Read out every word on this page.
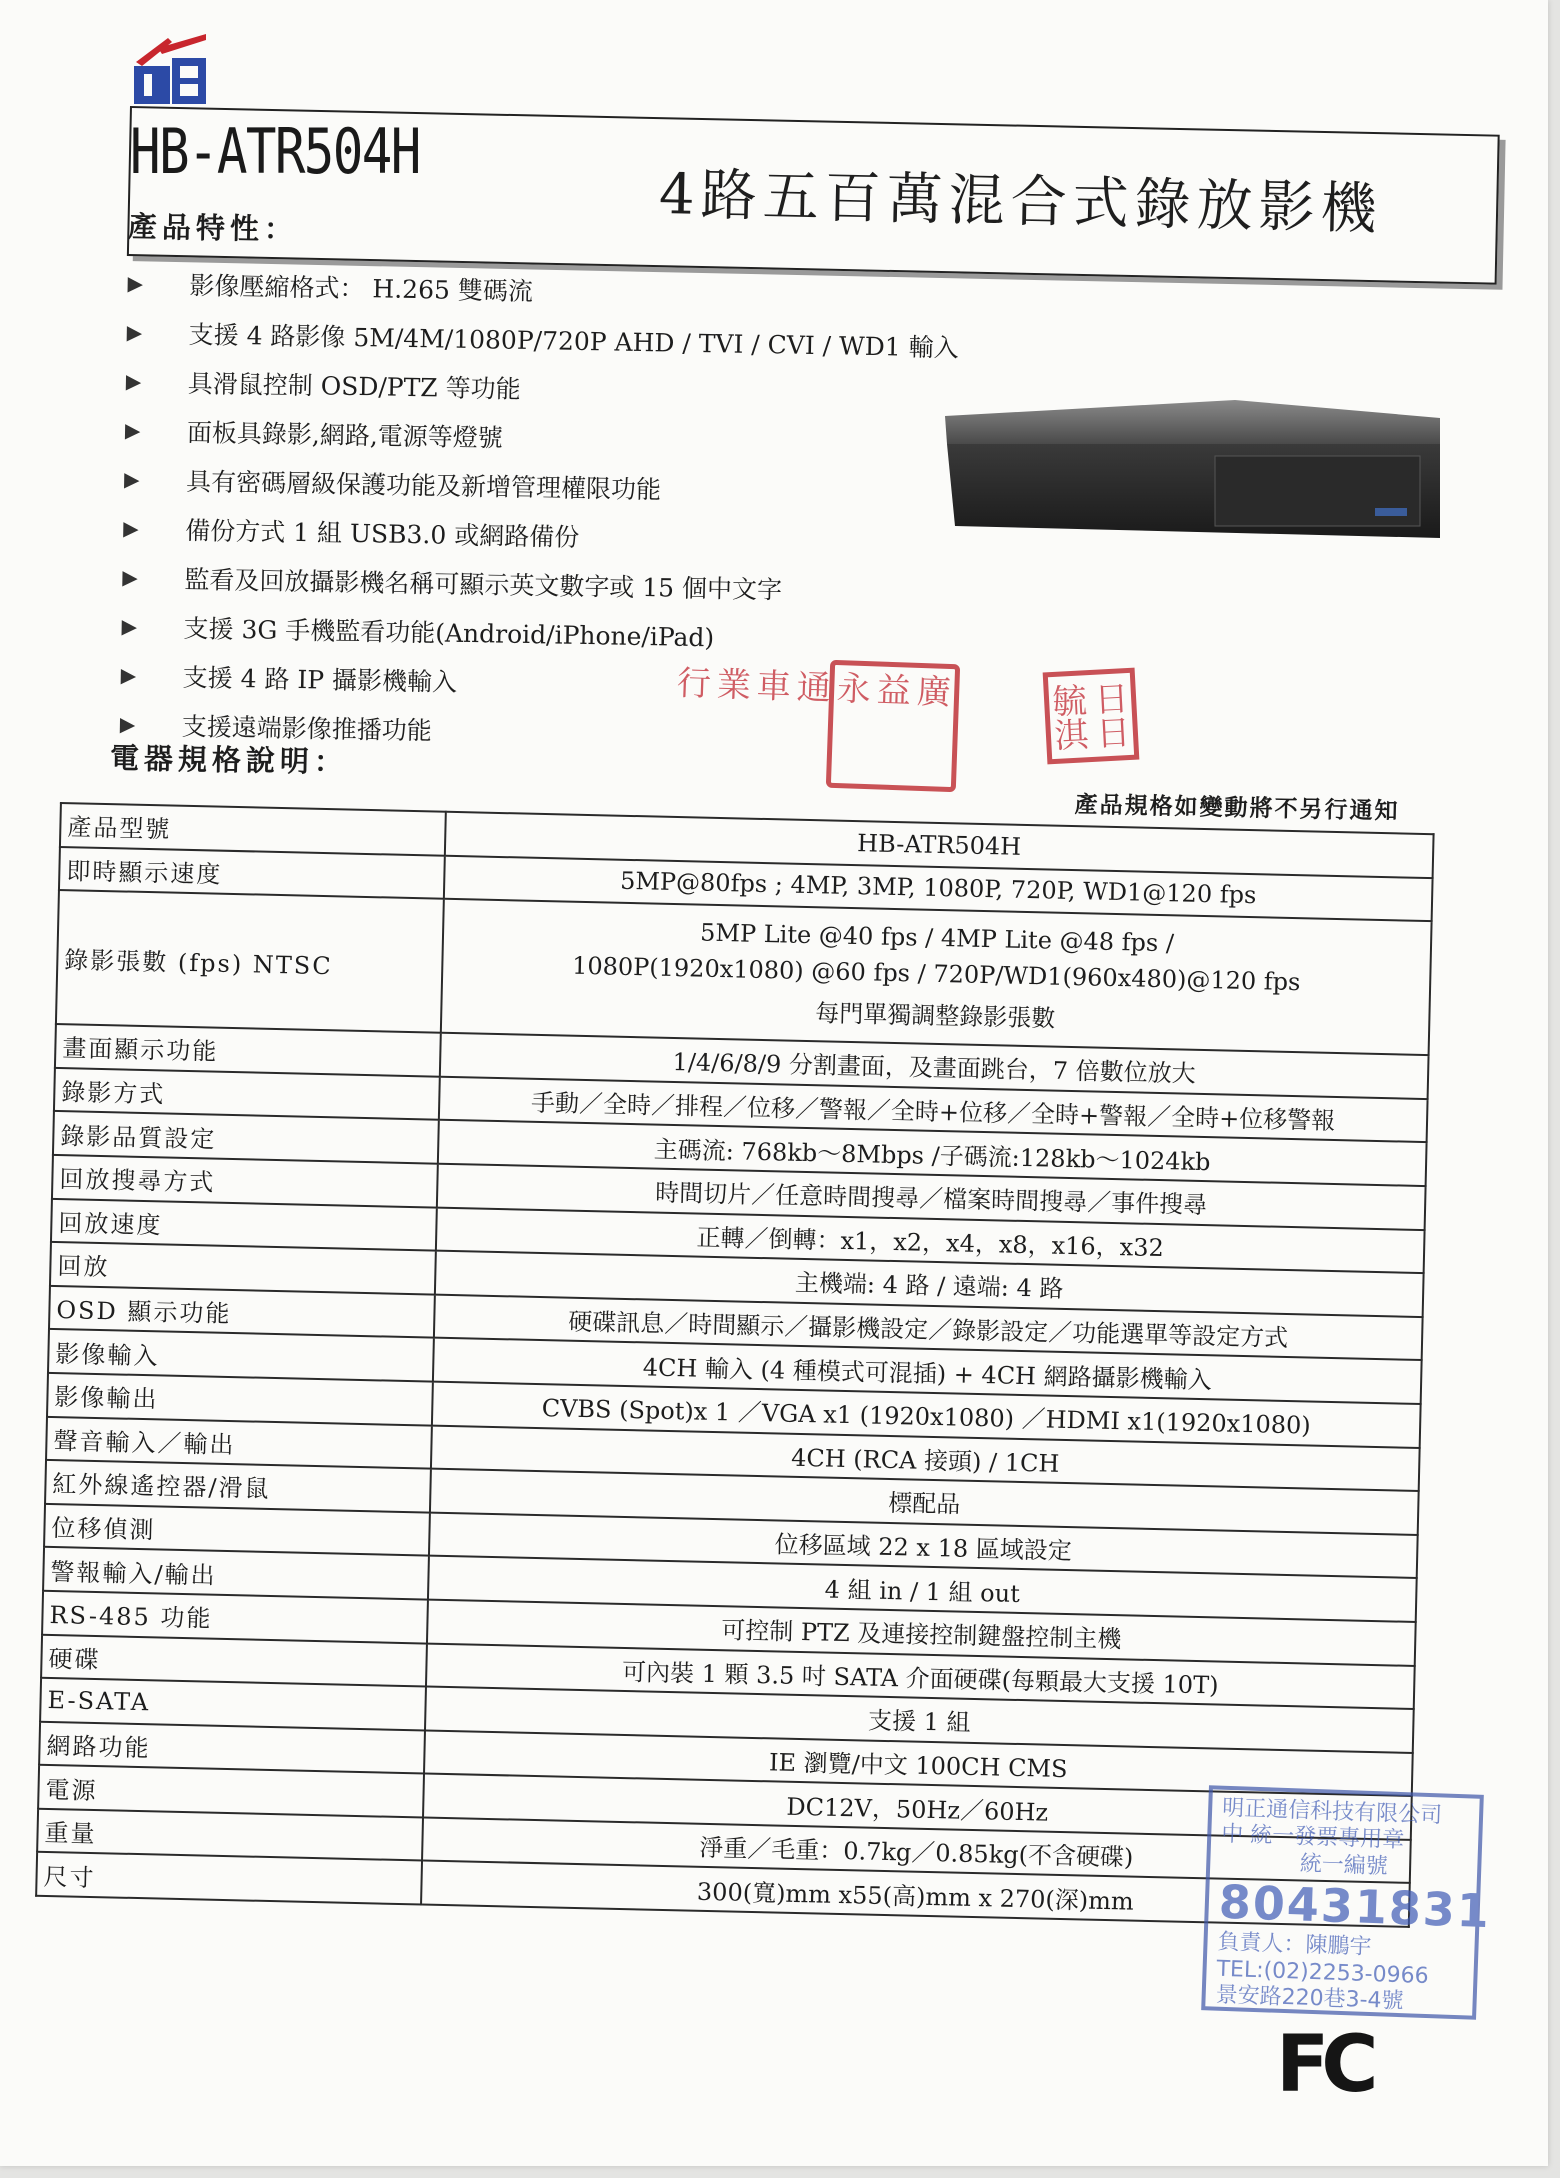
HB-ATR504H
4路五百萬混合式錄放影機
產品特性：
▶	影像壓縮格式： H.265 雙碼流
▶	支援 4 路影像 5M/4M/1080P/720P AHD / TVI / CVI / WD1 輸入
▶	具滑鼠控制 OSD/PTZ 等功能
▶	面板具錄影,網路,電源等燈號
▶	具有密碼層級保護功能及新增管理權限功能
▶	備份方式 1 組 USB3.0 或網路備份
▶	監看及回放攝影機名稱可顯示英文數字或 15 個中文字
▶	支援 3G 手機監看功能(Android/iPhone/iPad)
▶	支援 4 路 IP 攝影機輸入
▶	支援遠端影像推播功能
廣益永通車業行	日日毓淇
電器規格說明：
產品規格如變動將不另行通知
產品型號	HB-ATR504H
即時顯示速度	5MP@80fps ; 4MP, 3MP, 1080P, 720P, WD1@120 fps
錄影張數 (fps) NTSC	5MP Lite @40 fps / 4MP Lite @48 fps /
1080P(1920x1080) @60 fps / 720P/WD1(960x480)@120 fps
每門單獨調整錄影張數

畫面顯示功能	1/4/6/8/9 分割畫面，及畫面跳台，7 倍數位放大
錄影方式	手動／全時／排程／位移／警報／全時+位移／全時+警報／全時+位移警報
錄影品質設定	主碼流: 768kb～8Mbps /子碼流:128kb～1024kb
回放搜尋方式	時間切片／任意時間搜尋／檔案時間搜尋／事件搜尋
回放速度	正轉／倒轉：x1，x2，x4，x8，x16，x32
回放	主機端: 4 路 / 遠端: 4 路
OSD 顯示功能	硬碟訊息／時間顯示／攝影機設定／錄影設定／功能選單等設定方式
影像輸入	4CH 輸入 (4 種模式可混插) + 4CH 網路攝影機輸入
影像輸出	CVBS (Spot)x 1 ／VGA x1 (1920x1080) ／HDMI x1(1920x1080)
聲音輸入／輸出	4CH (RCA 接頭) / 1CH
紅外線遙控器/滑鼠	標配品
位移偵測	位移區域 22 x 18 區域設定
警報輸入/輸出	4 組 in / 1 組 out
RS-485 功能	可控制 PTZ 及連接控制鍵盤控制主機
硬碟	可內裝 1 顆 3.5 吋 SATA 介面硬碟(每顆最大支援 10T)
E-SATA	支援 1 組
網路功能	IE 瀏覽/中文 100CH CMS
電源	DC12V，50Hz／60Hz
重量	淨重／毛重：0.7kg／0.85kg(不含硬碟)
尺寸	300(寬)mm x55(高)mm x 270(深)mm
明正通信科技有限公司
中 統一發票專用章
統一編號
80431831
負責人：陳鵬宇
TEL:(02)2253-0966
景安路220巷3-4號
FC
